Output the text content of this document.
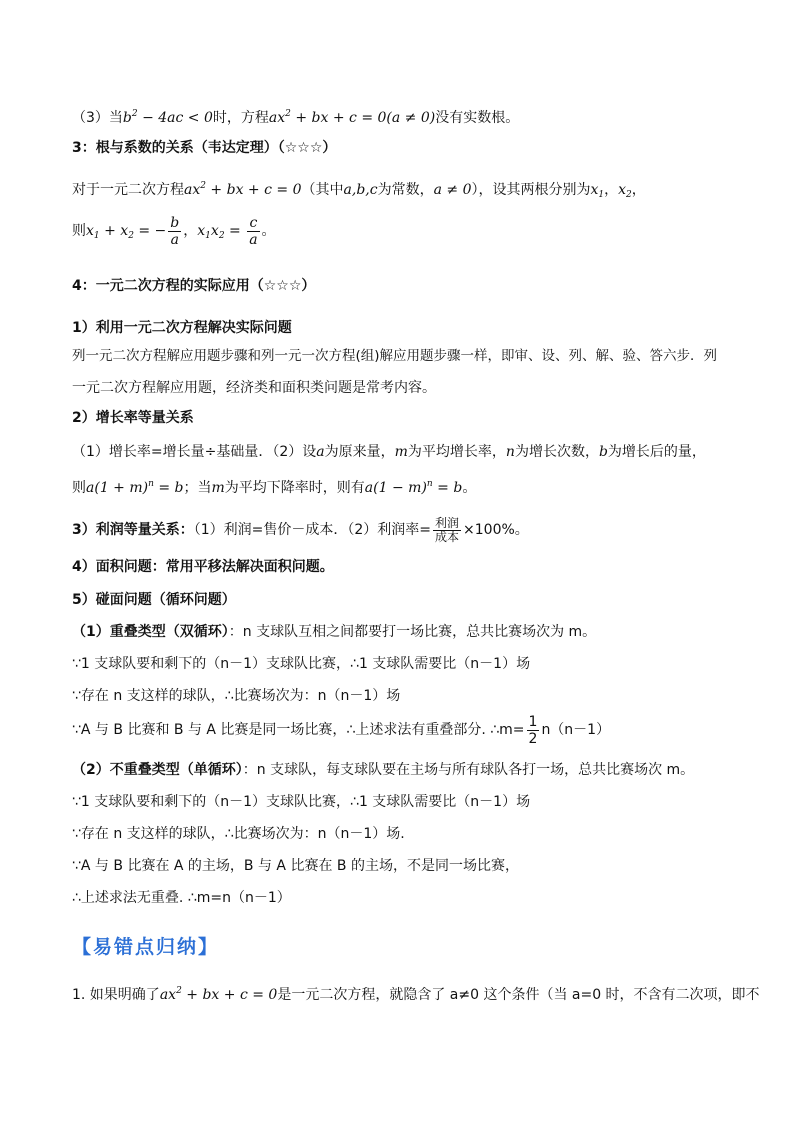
（3）当$b^2 - 4ac < 0$时，方程$ax^2$ + bx + c = 0(a ≠ 0)没有实数根。
3：根与系数的关系（韦达定理）（☆☆☆）
对于一元二次方程$ax^2$ + bx + c = 0（其中a,b,c为常数，a ≠ 0），设其两根分别为$x_1$，$x_2$，
则$x_1 + x_2$ = − $\frac{b}{a}$ ，$x_1x_2 = \frac{c}{a}$ 。
4：一元二次方程的实际应用（☆☆☆）
1）利用一元二次方程解决实际问题
列一元二次方程解应用题步骤和列一元一次方程(组)解应用题步骤一样，即审、设、列、解、验、答六步．列
一元二次方程解应用题，经济类和面积类问题是常考内容。
2）增长率等量关系
（1）增长率=增长量÷基础量．（2）设a为原来量，m为平均增长率，n为增长次数，b为增长后的量，
则$a(1 + m)^n = b$；当m为平均下降率时，则有$a(1 - m)^n = b$。
3）利润等量关系：（1）利润=售价－成本．（2）利润率= $\frac{\text{利润}}{\text{成本}} \times 100\%$。
4）面积问题：常用平移法解决面积问题。
5）碰面问题（循环问题）
（1）重叠类型（双循环）：n 支球队互相之间都要打一场比赛，总共比赛场次为 m。
∵1 支球队要和剩下的（n－1）支球队比赛，∴1 支球队需要比（n－1）场
∵存在 n 支这样的球队，∴比赛场次为：n（n－1）场
∵A 与 B 比赛和 B 与 A 比赛是同一场比赛，∴上述求法有重叠部分. ∴m= $\frac{1}{2} n(n-1)$
（2）不重叠类型（单循环）：n 支球队，每支球队要在主场与所有球队各打一场，总共比赛场次 m。
∵1 支球队要和剩下的（n－1）支球队比赛，∴1 支球队需要比（n－1）场
∵存在 n 支这样的球队，∴比赛场次为：n（n－1）场.
∵A 与 B 比赛在 A 的主场，B 与 A 比赛在 B 的主场，不是同一场比赛，
∴上述求法无重叠. ∴m=n（n－1）
【易错点归纳】
1. 如果明确了$ax^2$ + bx + c = 0是一元二次方程，就隐含了 a≠0 这个条件（当 a=0 时，不含有二次项，即不
